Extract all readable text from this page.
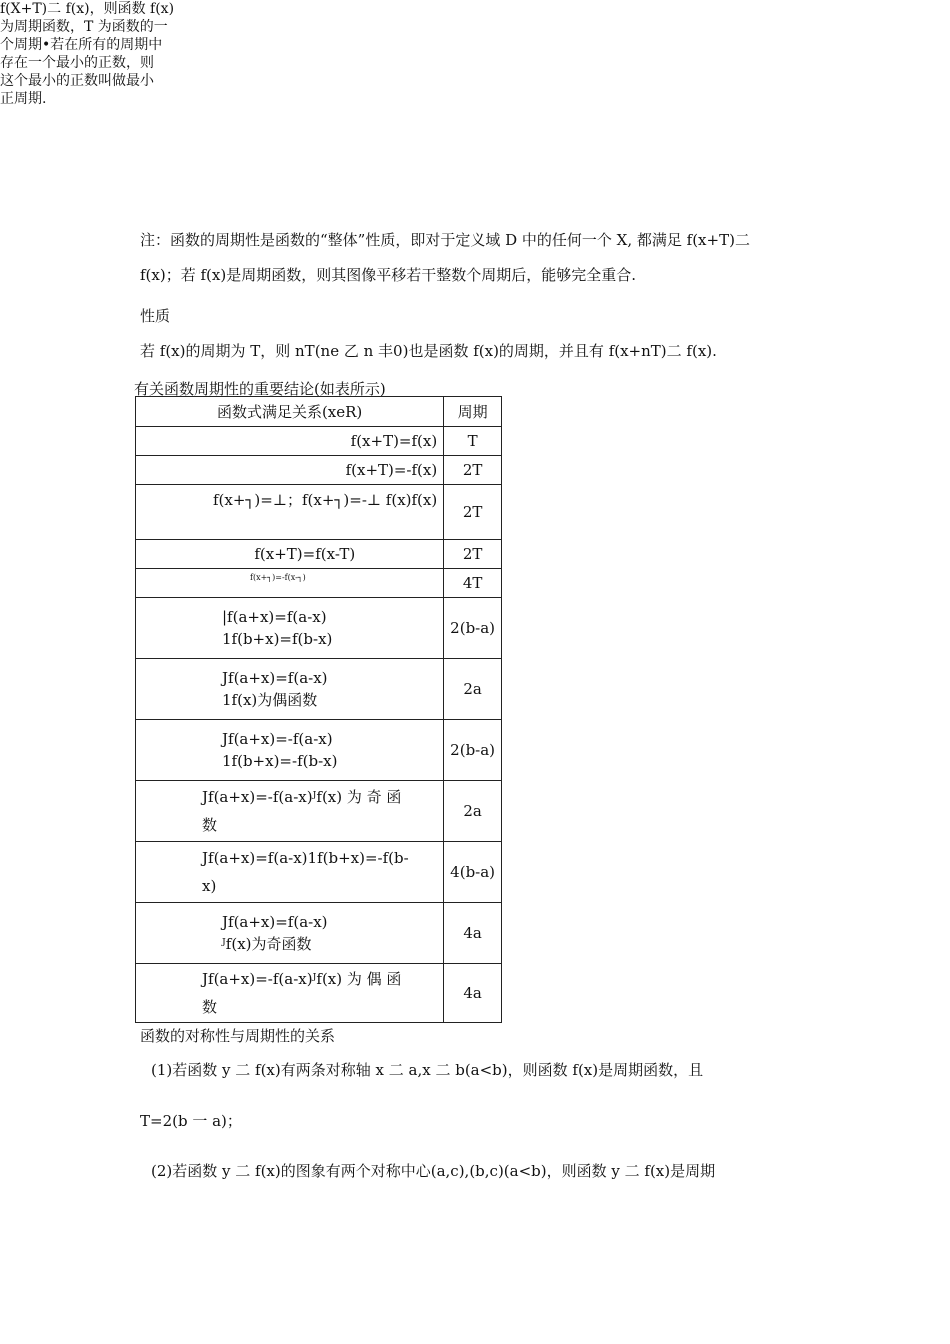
f(X+T)二 f(x)，则函数 f(x)
为周期函数，T 为函数的一
个周期•若在所有的周期中
存在一个最小的正数，则
这个最小的正数叫做最小
正周期.
注：函数的周期性是函数的“整体”性质，即对于定义域 D 中的任何一个 X, 都满足 f(x+T)二
f(x)；若 f(x)是周期函数，则其图像平移若干整数个周期后，能够完全重合.
性质
若 f(x)的周期为 T，则 nT(ne 乙 n 丰0)也是函数 f(x)的周期，并且有 f(x+nT)二 f(x).
有关函数周期性的重要结论(如表所示)
函数式满足关系(xeR)	周期
f(x+T)=f(x)	T
f(x+T)=-f(x)	2T
f(x+┐)=⊥；f(x+┐)=-⊥ f(x)f(x)	2T
f(x+T)=f(x-T)	2T
f(x+┐)=-f(x-┐)	4T

|f(a+x)=f(a-x)
1f(b+x)=f(b-x)	2(b-a)

Jf(a+x)=f(a-x)
1f(x)为偶函数	2a

Jf(a+x)=-f(a-x)
1f(b+x)=-f(b-x)	2(b-a)

Jf(a+x)=-f(a-x)ᴶf(x) 为 奇 函
数	2a

Jf(a+x)=f(a-x)1f(b+x)=-f(b-
x)	4(b-a)

Jf(a+x)=f(a-x)
ᴶf(x)为奇函数	4a

Jf(a+x)=-f(a-x)ᴶf(x) 为 偶 函
数	4a
函数的对称性与周期性的关系
(1)若函数 y 二 f(x)有两条对称轴 x 二 a,x 二 b(a<b)，则函数 f(x)是周期函数，且
T=2(b 一 a)；
(2)若函数 y 二 f(x)的图象有两个对称中心(a,c),(b,c)(a<b)，则函数 y 二 f(x)是周期
